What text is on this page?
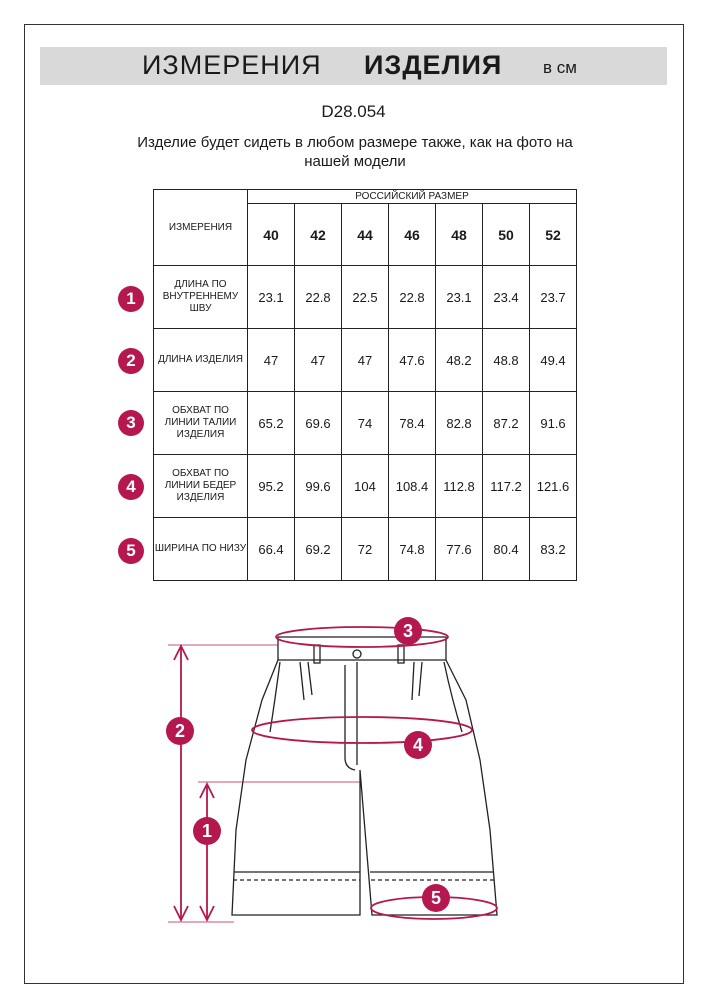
ИЗМЕРЕНИЯ ИЗДЕЛИЯ в см
D28.054
Изделие будет сидеть в любом размере также, как на фото на нашей модели
ИЗМЕРЕНИЯ	РОССИЙСКИЙ РАЗМЕР						
	40	42	44	46	48	50	52
ДЛИНА ПО ВНУТРЕННЕМУ ШВУ	23.1	22.8	22.5	22.8	23.1	23.4	23.7
ДЛИНА ИЗДЕЛИЯ	47	47	47	47.6	48.2	48.8	49.4
ОБХВАТ ПО ЛИНИИ ТАЛИИ ИЗДЕЛИЯ	65.2	69.6	74	78.4	82.8	87.2	91.6
ОБХВАТ ПО ЛИНИИ БЕДЕР ИЗДЕЛИЯ	95.2	99.6	104	108.4	112.8	117.2	121.6
ШИРИНА ПО НИЗУ	66.4	69.2	72	74.8	77.6	80.4	83.2
1
2
3
4
5
2
1
3
4
5
